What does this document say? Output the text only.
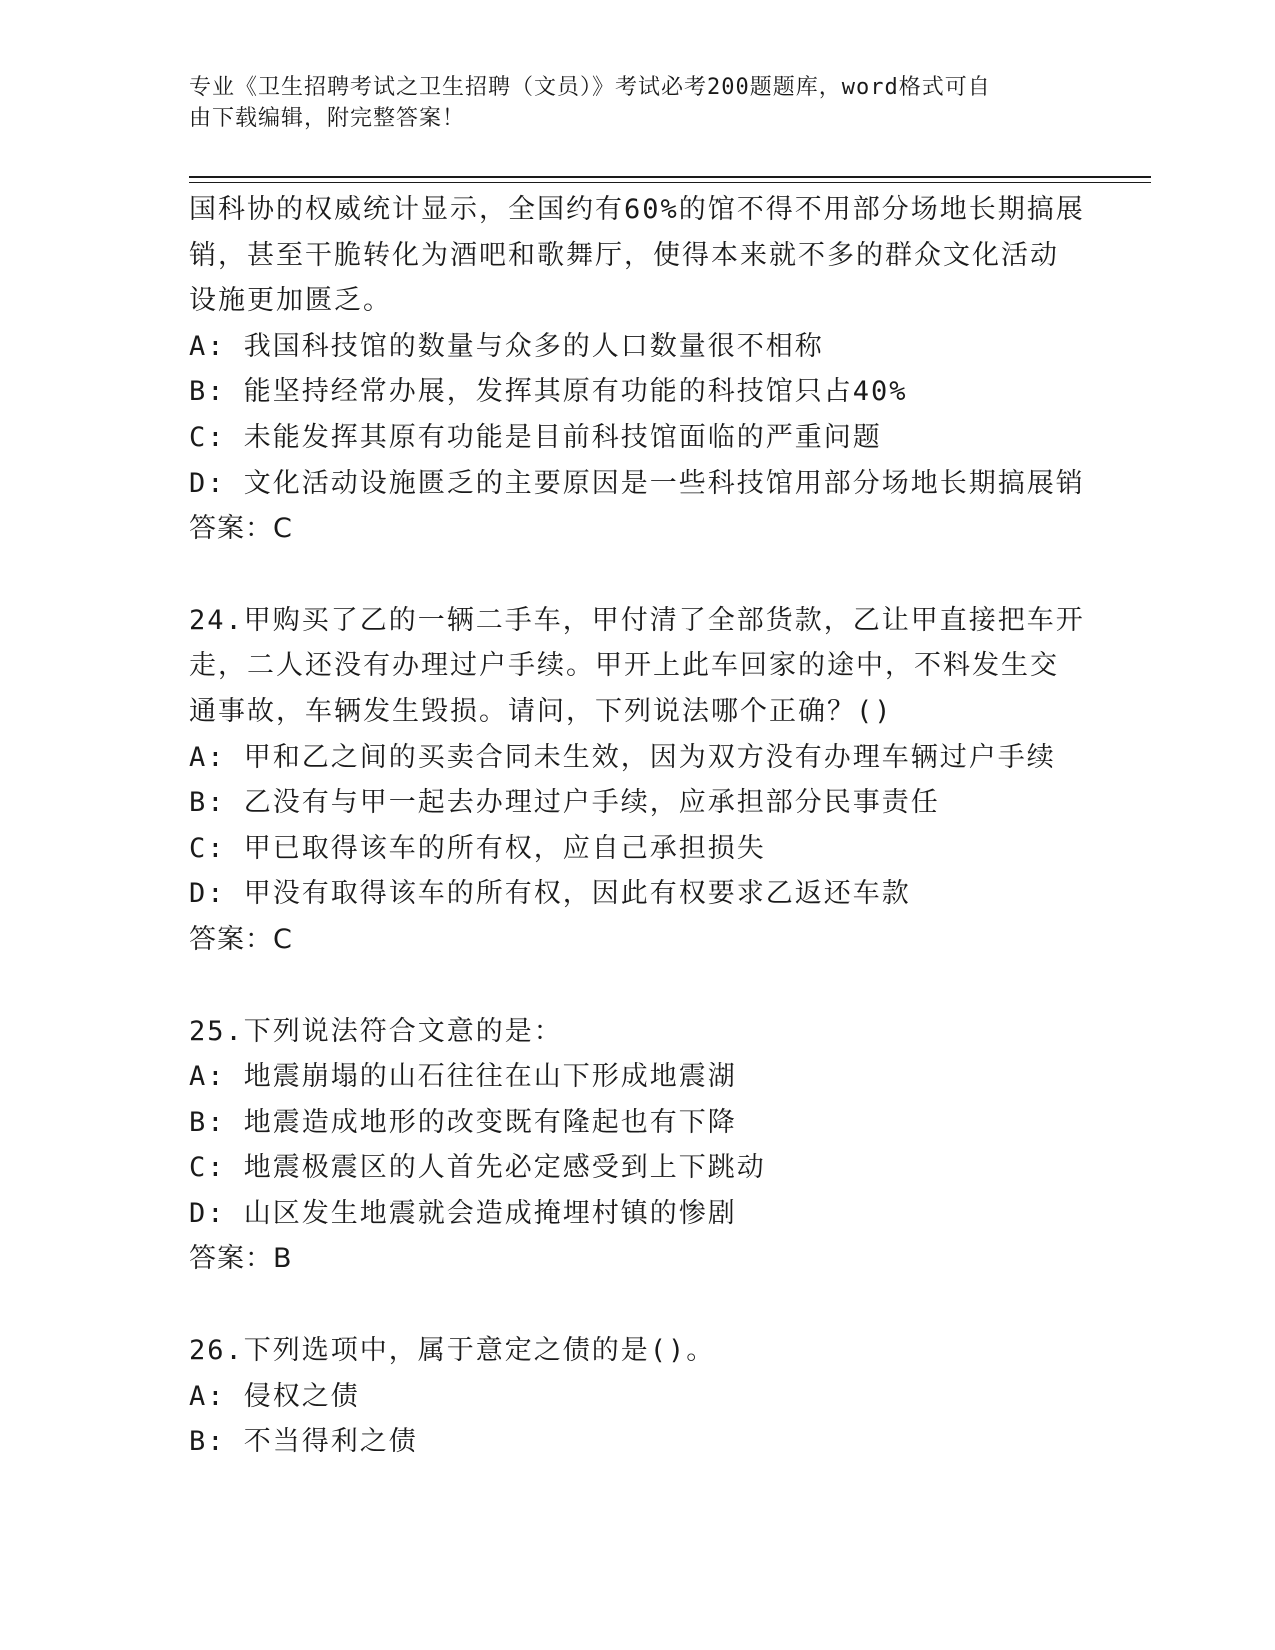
专业《卫生招聘考试之卫生招聘（文员）》考试必考200题题库，word格式可自
由下载编辑，附完整答案！
国科协的权威统计显示，全国约有60%的馆不得不用部分场地长期搞展
销，甚至干脆转化为酒吧和歌舞厅，使得本来就不多的群众文化活动
设施更加匮乏。
A: 我国科技馆的数量与众多的人口数量很不相称
B: 能坚持经常办展，发挥其原有功能的科技馆只占40%
C: 未能发挥其原有功能是目前科技馆面临的严重问题
D: 文化活动设施匮乏的主要原因是一些科技馆用部分场地长期搞展销
答案：C
24.甲购买了乙的一辆二手车，甲付清了全部货款，乙让甲直接把车开
走，二人还没有办理过户手续。甲开上此车回家的途中，不料发生交
通事故，车辆发生毁损。请问，下列说法哪个正确？()
A: 甲和乙之间的买卖合同未生效，因为双方没有办理车辆过户手续
B: 乙没有与甲一起去办理过户手续，应承担部分民事责任
C: 甲已取得该车的所有权，应自己承担损失
D: 甲没有取得该车的所有权，因此有权要求乙返还车款
答案：C
25.下列说法符合文意的是：
A: 地震崩塌的山石往往在山下形成地震湖
B: 地震造成地形的改变既有隆起也有下降
C: 地震极震区的人首先必定感受到上下跳动
D: 山区发生地震就会造成掩埋村镇的惨剧
答案：B
26.下列选项中，属于意定之债的是()。
A: 侵权之债
B: 不当得利之债
